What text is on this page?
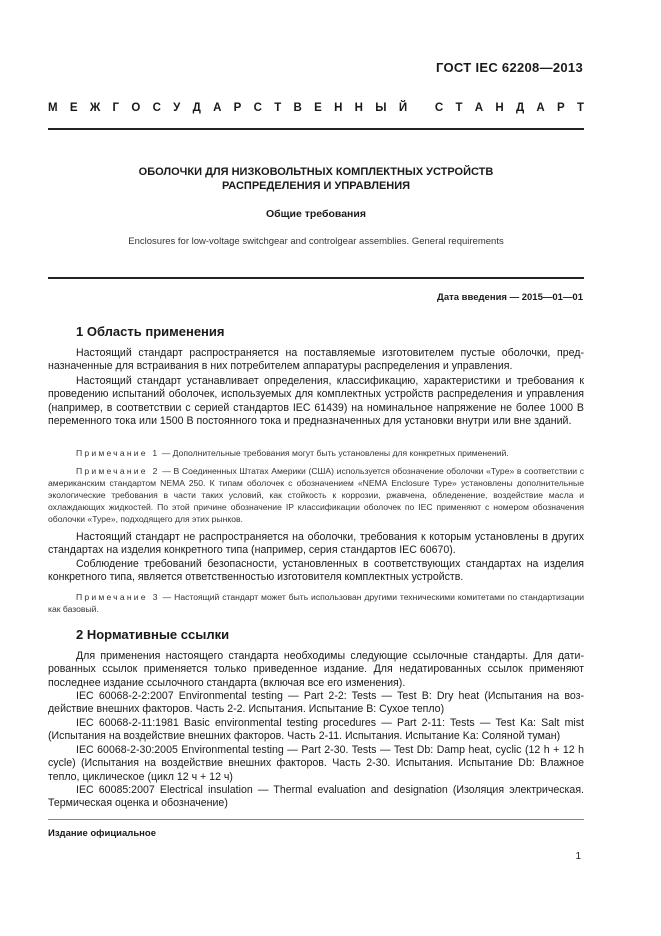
ГОСТ IEC 62208—2013
М Е Ж Г О С У Д А Р С Т В Е Н Н Ы Й
С Т А Н Д А Р Т
ОБОЛОЧКИ ДЛЯ НИЗКОВОЛЬТНЫХ КОМПЛЕКТНЫХ УСТРОЙСТВ
РАСПРЕДЕЛЕНИЯ И УПРАВЛЕНИЯ
Общие требования
Enclosures for low-voltage switchgear and controlgear assemblies. General requirements
Дата введения — 2015—01—01
1 Область применения
Настоящий стандарт распространяется на поставляемые изготовителем пустые оболочки, предназначенные для встраивания в них потребителем аппаратуры распределения и управления.
Настоящий стандарт устанавливает определения, классификацию, характеристики и требования к проведению испытаний оболочек, используемых для комплектных устройств распределения и управления (например, в соответствии с серией стандартов IEC 61439) на номинальное напряжение не более 1000 В переменного тока или 1500 В постоянного тока и предназначенных для установки внутри или вне зданий.
Примечание 1 — Дополнительные требования могут быть установлены для конкретных применений.
Примечание 2 — В Соединенных Штатах Америки (США) используется обозначение оболочки «Type» в соответствии с американским стандартом NEMA 250. К типам оболочек с обозначением «NEMA Enclosure Type» установлены дополнительные экологические требования в части таких условий, как стойкость к коррозии, ржавчена, обледенение, воздействие масла и охлаждающих жидкостей. По этой причине обозначение IP классификации оболочек по IEC применяют с номером обозначения оболочки «Type», подходящего для этих рынков.
Настоящий стандарт не распространяется на оболочки, требования к которым установлены в других стандартах на изделия конкретного типа (например, серия стандартов IEC 60670).
Соблюдение требований безопасности, установленных в соответствующих стандартах на изделия конкретного типа, является ответственностью изготовителя комплектных устройств.
Примечание 3 — Настоящий стандарт может быть использован другими техническими комитетами по стандартизации как базовый.
2 Нормативные ссылки
Для применения настоящего стандарта необходимы следующие ссылочные стандарты. Для датированных ссылок применяется только приведенное издание. Для недатированных ссылок применяют последнее издание ссылочного стандарта (включая все его изменения).
IEC 60068-2-2:2007 Environmental testing — Part 2-2: Tests — Test B: Dry heat (Испытания на воздействие внешних факторов. Часть 2-2. Испытания. Испытание B: Сухое тепло)
IEC 60068-2-11:1981 Basic environmental testing procedures — Part 2-11: Tests — Test Ka: Salt mist (Испытания на воздействие внешних факторов. Часть 2-11. Испытания. Испытание Ka: Соляной туман)
IEC 60068-2-30:2005 Environmental testing — Part 2-30. Tests — Test Db: Damp heat, cyclic (12 h + 12 h cycle) (Испытания на воздействие внешних факторов. Часть 2-30. Испытания. Испытание Db: Влажное тепло, циклическое (цикл 12 ч + 12 ч)
IEC 60085:2007 Electrical insulation — Thermal evaluation and designation (Изоляция электрическая. Термическая оценка и обозначение)
Издание официальное
1
